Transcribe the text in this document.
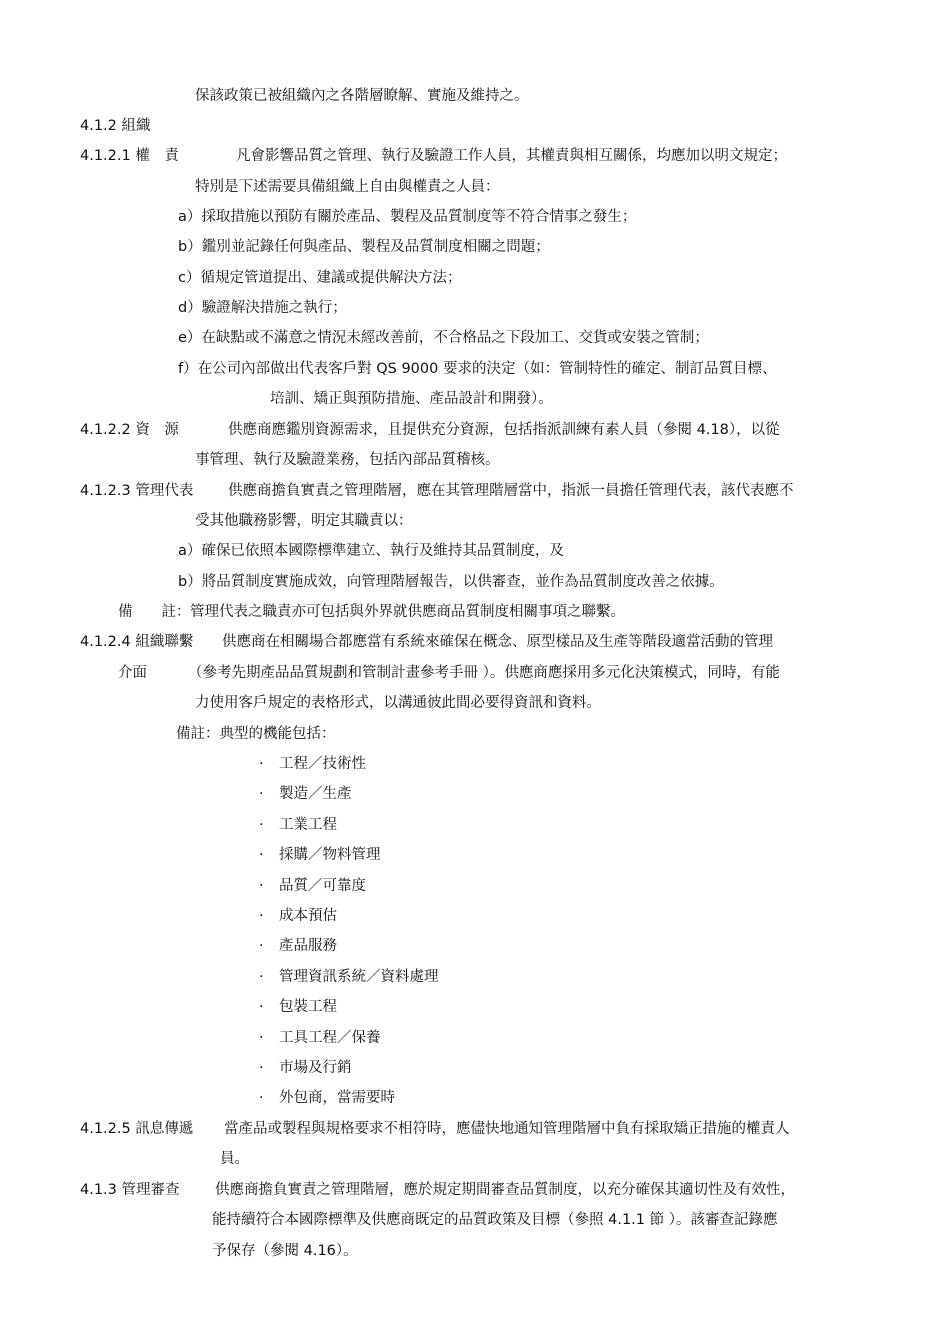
保該政策已被組織內之各階層瞭解、實施及維持之。
4.1.2 組織
4.1.2.1 權　責	凡會影響品質之管理、執行及驗證工作人員，其權責與相互關係，均應加以明文規定；
特別是下述需要具備組織上自由與權責之人員：
a）採取措施以預防有關於產品、製程及品質制度等不符合情事之發生；
b）鑑別並記錄任何與產品、製程及品質制度相關之問題；
c）循規定管道提出、建議或提供解決方法；
d）驗證解決措施之執行；
e）在缺點或不滿意之情況未經改善前，不合格品之下段加工、交貨或安裝之管制；
f）在公司內部做出代表客戶對 QS 9000 要求的決定（如：管制特性的確定、制訂品質目標、
培訓、矯正與預防措施、產品設計和開發）。
4.1.2.2 資　源	供應商應鑑別資源需求，且提供充分資源，包括指派訓練有素人員（參閱 4.18），以從
事管理、執行及驗證業務，包括內部品質稽核。
4.1.2.3 管理代表 供應商擔負實責之管理階層，應在其管理階層當中，指派一員擔任管理代表，該代表應不
受其他職務影響，明定其職責以：
a）確保已依照本國際標準建立、執行及維持其品質制度，及
b）將品質制度實施成效，向管理階層報告，以供審查，並作為品質制度改善之依據。
備　　註： 管理代表之職責亦可包括與外界就供應商品質制度相關事項之聯繫。
4.1.2.4 組織聯繫 供應商在相關場合都應當有系統來確保在概念、原型樣品及生產等階段適當活動的管理
介面	（參考先期產品品質規劃和管制計畫參考手冊 ）。供應商應採用多元化決策模式，同時，有能
力使用客戶規定的表格形式，以溝通彼此間必要得資訊和資料。
備註：典型的機能包括：
· 工程／技術性
· 製造／生產
· 工業工程
· 採購／物料管理
· 品質／可靠度
· 成本預估
· 產品服務
· 管理資訊系統／資料處理
· 包裝工程
· 工具工程／保養
· 市場及行銷
· 外包商，當需要時
4.1.2.5 訊息傳遞 當產品或製程與規格要求不相符時，應儘快地通知管理階層中負有採取矯正措施的權責人
員。
4.1.3 管理審查 供應商擔負實責之管理階層，應於規定期間審查品質制度，以充分確保其適切性及有效性，
能持續符合本國際標準及供應商既定的品質政策及目標（參照 4.1.1 節 ）。該審查記錄應
予保存（參閱 4.16）。
